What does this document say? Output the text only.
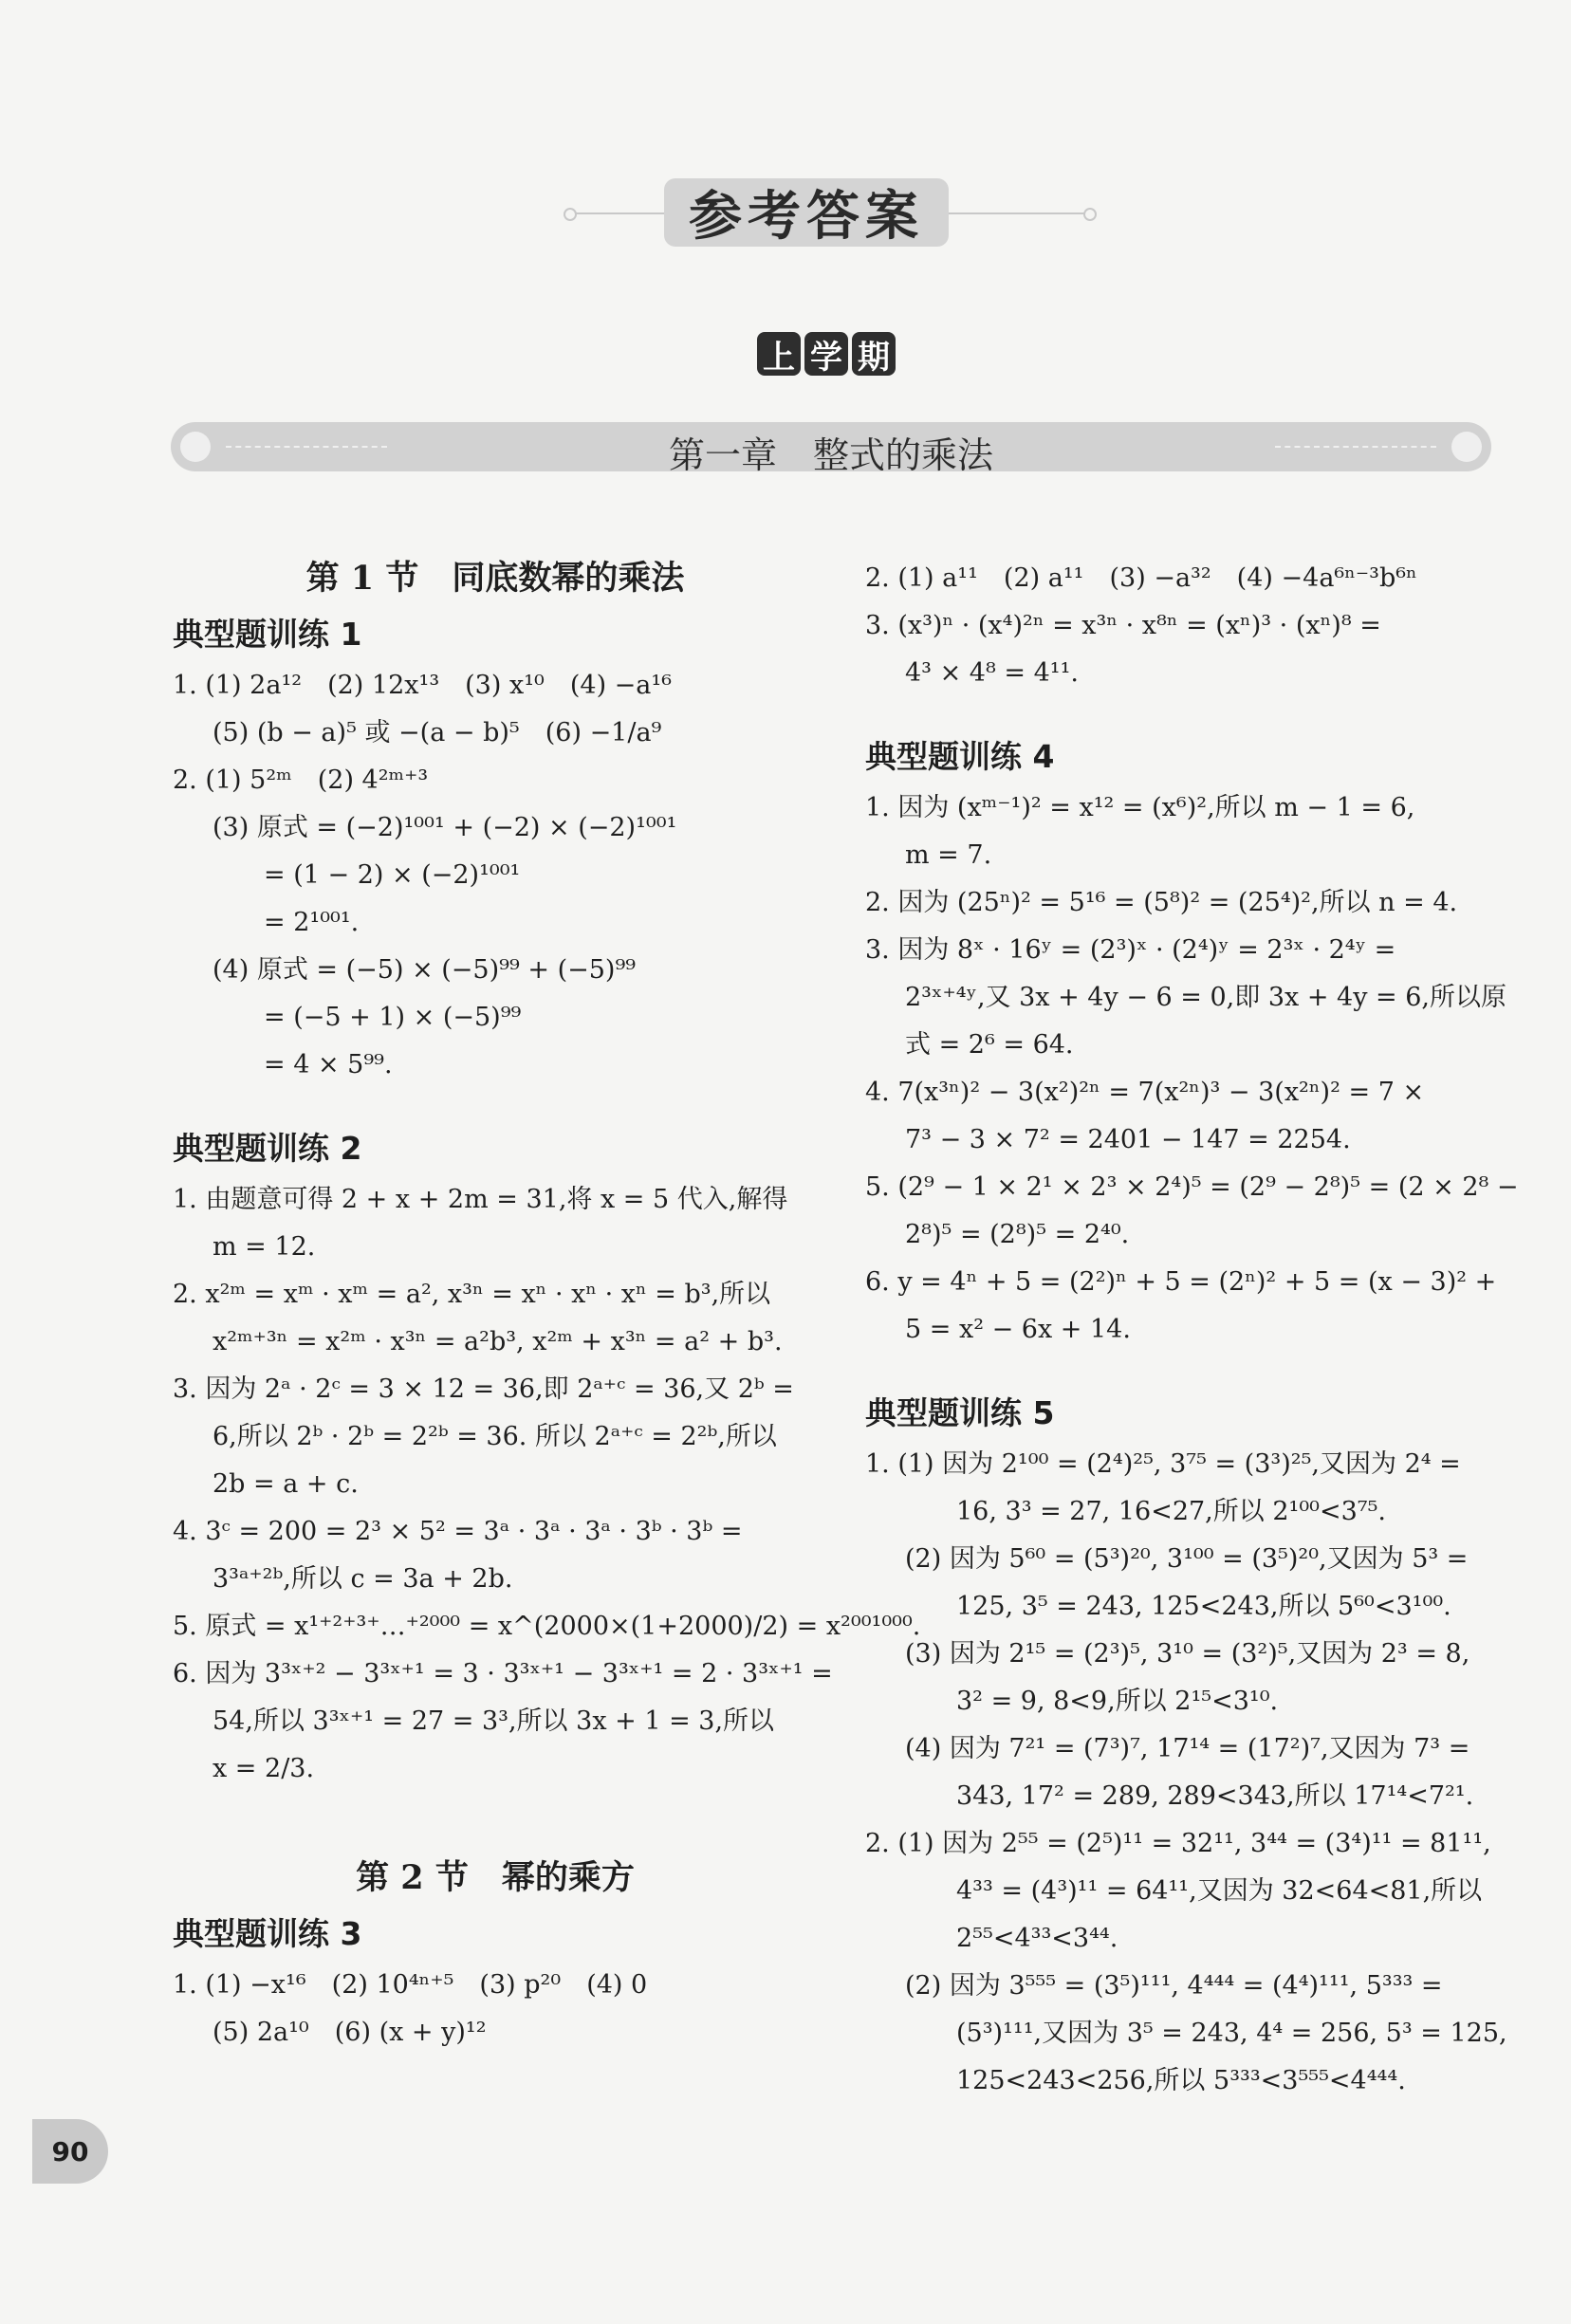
参考答案
上 学 期
第一章　整式的乘法
第 1 节　同底数幂的乘法
典型题训练 1
1. (1) 2a¹²　(2) 12x¹³　(3) x¹⁰　(4) −a¹⁶
(5) (b − a)⁵ 或 −(a − b)⁵　(6) −1/a⁹
2. (1) 5²ᵐ　(2) 4²ᵐ⁺³
(3) 原式 = (−2)¹⁰⁰¹ + (−2) × (−2)¹⁰⁰¹
= (1 − 2) × (−2)¹⁰⁰¹
= 2¹⁰⁰¹.
(4) 原式 = (−5) × (−5)⁹⁹ + (−5)⁹⁹
= (−5 + 1) × (−5)⁹⁹
= 4 × 5⁹⁹.
典型题训练 2
1. 由题意可得 2 + x + 2m = 31,将 x = 5 代入,解得
m = 12.
2. x²ᵐ = xᵐ · xᵐ = a², x³ⁿ = xⁿ · xⁿ · xⁿ = b³,所以
x²ᵐ⁺³ⁿ = x²ᵐ · x³ⁿ = a²b³, x²ᵐ + x³ⁿ = a² + b³.
3. 因为 2ᵃ · 2ᶜ = 3 × 12 = 36,即 2ᵃ⁺ᶜ = 36,又 2ᵇ =
6,所以 2ᵇ · 2ᵇ = 2²ᵇ = 36. 所以 2ᵃ⁺ᶜ = 2²ᵇ,所以
2b = a + c.
4. 3ᶜ = 200 = 2³ × 5² = 3ᵃ · 3ᵃ · 3ᵃ · 3ᵇ · 3ᵇ =
3³ᵃ⁺²ᵇ,所以 c = 3a + 2b.
5. 原式 = x¹⁺²⁺³⁺…⁺²⁰⁰⁰ = x^(2000×(1+2000)/2) = x²⁰⁰¹⁰⁰⁰.
6. 因为 3³ˣ⁺² − 3³ˣ⁺¹ = 3 · 3³ˣ⁺¹ − 3³ˣ⁺¹ = 2 · 3³ˣ⁺¹ =
54,所以 3³ˣ⁺¹ = 27 = 3³,所以 3x + 1 = 3,所以
x = 2/3.
第 2 节　幂的乘方
典型题训练 3
1. (1) −x¹⁶　(2) 10⁴ⁿ⁺⁵　(3) p²⁰　(4) 0
(5) 2a¹⁰　(6) (x + y)¹²
2. (1) a¹¹　(2) a¹¹　(3) −a³²　(4) −4a⁶ⁿ⁻³b⁶ⁿ
3. (x³)ⁿ · (x⁴)²ⁿ = x³ⁿ · x⁸ⁿ = (xⁿ)³ · (xⁿ)⁸ =
4³ × 4⁸ = 4¹¹.
典型题训练 4
1. 因为 (xᵐ⁻¹)² = x¹² = (x⁶)²,所以 m − 1 = 6,
m = 7.
2. 因为 (25ⁿ)² = 5¹⁶ = (5⁸)² = (25⁴)²,所以 n = 4.
3. 因为 8ˣ · 16ʸ = (2³)ˣ · (2⁴)ʸ = 2³ˣ · 2⁴ʸ =
2³ˣ⁺⁴ʸ,又 3x + 4y − 6 = 0,即 3x + 4y = 6,所以原
式 = 2⁶ = 64.
4. 7(x³ⁿ)² − 3(x²)²ⁿ = 7(x²ⁿ)³ − 3(x²ⁿ)² = 7 ×
7³ − 3 × 7² = 2401 − 147 = 2254.
5. (2⁹ − 1 × 2¹ × 2³ × 2⁴)⁵ = (2⁹ − 2⁸)⁵ = (2 × 2⁸ −
2⁸)⁵ = (2⁸)⁵ = 2⁴⁰.
6. y = 4ⁿ + 5 = (2²)ⁿ + 5 = (2ⁿ)² + 5 = (x − 3)² +
5 = x² − 6x + 14.
典型题训练 5
1. (1) 因为 2¹⁰⁰ = (2⁴)²⁵, 3⁷⁵ = (3³)²⁵,又因为 2⁴ =
16, 3³ = 27, 16<27,所以 2¹⁰⁰<3⁷⁵.
(2) 因为 5⁶⁰ = (5³)²⁰, 3¹⁰⁰ = (3⁵)²⁰,又因为 5³ =
125, 3⁵ = 243, 125<243,所以 5⁶⁰<3¹⁰⁰.
(3) 因为 2¹⁵ = (2³)⁵, 3¹⁰ = (3²)⁵,又因为 2³ = 8,
3² = 9, 8<9,所以 2¹⁵<3¹⁰.
(4) 因为 7²¹ = (7³)⁷, 17¹⁴ = (17²)⁷,又因为 7³ =
343, 17² = 289, 289<343,所以 17¹⁴<7²¹.
2. (1) 因为 2⁵⁵ = (2⁵)¹¹ = 32¹¹, 3⁴⁴ = (3⁴)¹¹ = 81¹¹,
4³³ = (4³)¹¹ = 64¹¹,又因为 32<64<81,所以
2⁵⁵<4³³<3⁴⁴.
(2) 因为 3⁵⁵⁵ = (3⁵)¹¹¹, 4⁴⁴⁴ = (4⁴)¹¹¹, 5³³³ =
(5³)¹¹¹,又因为 3⁵ = 243, 4⁴ = 256, 5³ = 125,
125<243<256,所以 5³³³<3⁵⁵⁵<4⁴⁴⁴.
90
